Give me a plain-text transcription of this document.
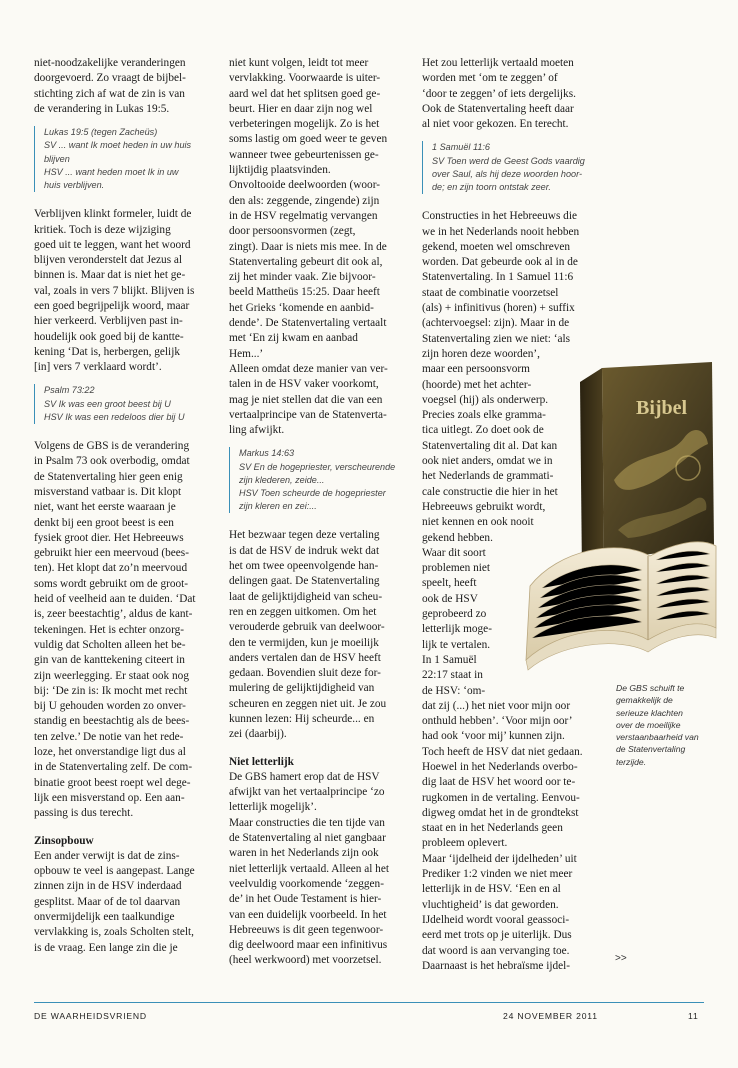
niet-noodzakelijke veranderingen

doorgevoerd. Zo vraagt de bijbel-

stichting zich af wat de zin is van

de verandering in Lukas 19:5.

Lukas 19:5 (tegen Zacheüs)

SV ... want Ik moet heden in uw huis

blijven

HSV ... want heden moet Ik in uw

huis verblijven.

Verblijven klinkt formeler, luidt de

kritiek. Toch is deze wijziging

goed uit te leggen, want het woord

blijven veronderstelt dat Jezus al

binnen is. Maar dat is niet het ge-

val, zoals in vers 7 blijkt. Blijven is

een goed begrijpelijk woord, maar

hier verkeerd. Verblijven past in-

houdelijk ook goed bij de kantte-

kening ‘Dat is, herbergen, gelijk

[in] vers 7 verklaard wordt’.

Psalm 73:22

SV Ik was een groot beest bij U

HSV Ik was een redeloos dier bij U

Volgens de GBS is de verandering

in Psalm 73 ook overbodig, omdat

de Statenvertaling hier geen enig

misverstand vatbaar is. Dit klopt

niet, want het eerste waaraan je

denkt bij een groot beest is een

fysiek groot dier. Het Hebreeuws

gebruikt hier een meervoud (bees-

ten). Het klopt dat zo’n meervoud

soms wordt gebruikt om de groot-

heid of veelheid aan te duiden. ‘Dat

is, zeer beestachtig’, aldus de kant-

tekeningen. Het is echter onzorg-

vuldig dat Scholten alleen het be-

gin van de kanttekening citeert in

zijn weerlegging. Er staat ook nog

bij: ‘De zin is: Ik mocht met recht

bij U gehouden worden zo onver-

standig en beestachtig als de bees-

ten zelve.’ De notie van het rede-

loze, het onverstandige ligt dus al

in de Statenvertaling zelf. De com-

binatie groot beest roept wel dege-

lijk een misverstand op. Een aan-

passing is dus terecht.

Zinsopbouw

Een ander verwijt is dat de zins-

opbouw te veel is aangepast. Lange

zinnen zijn in de HSV inderdaad

gesplitst. Maar of de tol daarvan

onvermijdelijk een taalkundige

vervlakking is, zoals Scholten stelt,

is de vraag. Een lange zin die je

niet kunt volgen, leidt tot meer

vervlakking. Voorwaarde is uiter-

aard wel dat het splitsen goed ge-

beurt. Hier en daar zijn nog wel

verbeteringen mogelijk. Zo is het

soms lastig om goed weer te geven

wanneer twee gebeurtenissen ge-

lijktijdig plaatsvinden.

Onvoltooide deelwoorden (woor-

den als: zeggende, zingende) zijn

in de HSV regelmatig vervangen

door persoonsvormen (zegt,

zingt). Daar is niets mis mee. In de

Statenvertaling gebeurt dit ook al,

zij het minder vaak. Zie bijvoor-

beeld Mattheüs 15:25. Daar heeft

het Grieks ‘komende en aanbid-

dende’. De Statenvertaling vertaalt

met ‘En zij kwam en aanbad

Hem...’

Alleen omdat deze manier van ver-

talen in de HSV vaker voorkomt,

mag je niet stellen dat die van een

vertaalprincipe van de Statenverta-

ling afwijkt.

Markus 14:63

SV En de hogepriester, verscheurende

zijn klederen, zeide...

HSV Toen scheurde de hogepriester

zijn kleren en zei:...

Het bezwaar tegen deze vertaling

is dat de HSV de indruk wekt dat

het om twee opeenvolgende han-

delingen gaat. De Statenvertaling

laat de gelijktijdigheid van scheu-

ren en zeggen uitkomen. Om het

verouderde gebruik van deelwoor-

den te vermijden, kun je moeilijk

anders vertalen dan de HSV heeft

gedaan. Bovendien sluit deze for-

mulering de gelijktijdigheid van

scheuren en zeggen niet uit. Je zou

kunnen lezen: Hij scheurde... en

zei (daarbij).

Niet letterlijk

De GBS hamert erop dat de HSV

afwijkt van het vertaalprincipe ‘zo

letterlijk mogelijk’.

Maar constructies die ten tijde van

de Statenvertaling al niet gangbaar

waren in het Nederlands zijn ook

niet letterlijk vertaald. Alleen al het

veelvuldig voorkomende ‘zeggen-

de’ in het Oude Testament is hier-

van een duidelijk voorbeeld. In het

Hebreeuws is dit geen tegenwoor-

dig deelwoord maar een infinitivus

(heel werkwoord) met voorzetsel.

Bijbel

Het zou letterlijk vertaald moeten

worden met ‘om te zeggen’ of

‘door te zeggen’ of iets dergelijks.

Ook de Statenvertaling heeft daar

al niet voor gekozen. En terecht.

1 Samuël 11:6

SV Toen werd de Geest Gods vaardig

over Saul, als hij deze woorden hoor-

de; en zijn toorn ontstak zeer.

Constructies in het Hebreeuws die

we in het Nederlands nooit hebben

gekend, moeten wel omschreven

worden. Dat gebeurde ook al in de

Statenvertaling. In 1 Samuel 11:6

staat de combinatie voorzetsel

(als) + infinitivus (horen) + suffix

(achtervoegsel: zijn). Maar in de

Statenvertaling zien we niet: ‘als

zijn horen deze woorden’,

maar een persoonsvorm

(hoorde) met het achter-

voegsel (hij) als onderwerp.

Precies zoals elke gramma-

tica uitlegt. Zo doet ook de

Statenvertaling dit al. Dat kan

ook niet anders, omdat we in

het Nederlands de grammati-

cale constructie die hier in het

Hebreeuws gebruikt wordt,

niet kennen en ook nooit

gekend hebben.

Waar dit soort

problemen niet

speelt, heeft

ook de HSV

geprobeerd zo

letterlijk moge-

lijk te vertalen.

In 1 Samuël

22:17 staat in

de HSV: ‘om-

dat zij (...) het niet voor mijn oor

onthuld hebben’. ‘Voor mijn oor’

had ook ‘voor mij’ kunnen zijn.

Toch heeft de HSV dat niet gedaan.

Hoewel in het Nederlands overbo-

dig laat de HSV het woord oor te-

rugkomen in de vertaling. Eenvou-

digweg omdat het in de grondtekst

staat en in het Nederlands geen

probleem oplevert.

Maar ‘ijdelheid der ijdelheden’ uit

Prediker 1:2 vinden we niet meer

letterlijk in de HSV. ‘Een en al

vluchtigheid’ is dat geworden.

IJdelheid wordt vooral geassoci-

eerd met trots op je uiterlijk. Dus

dat woord is aan vervanging toe.

Daarnaast is het hebraïsme ijdel-

De GBS schuift te

gemakkelijk de

serieuze klachten

over de moeilijke

verstaanbaarheid van

de Statenvertaling

terzijde.

>>
DE WAARHEIDSVRIEND	24 NOVEMBER 2011	11
